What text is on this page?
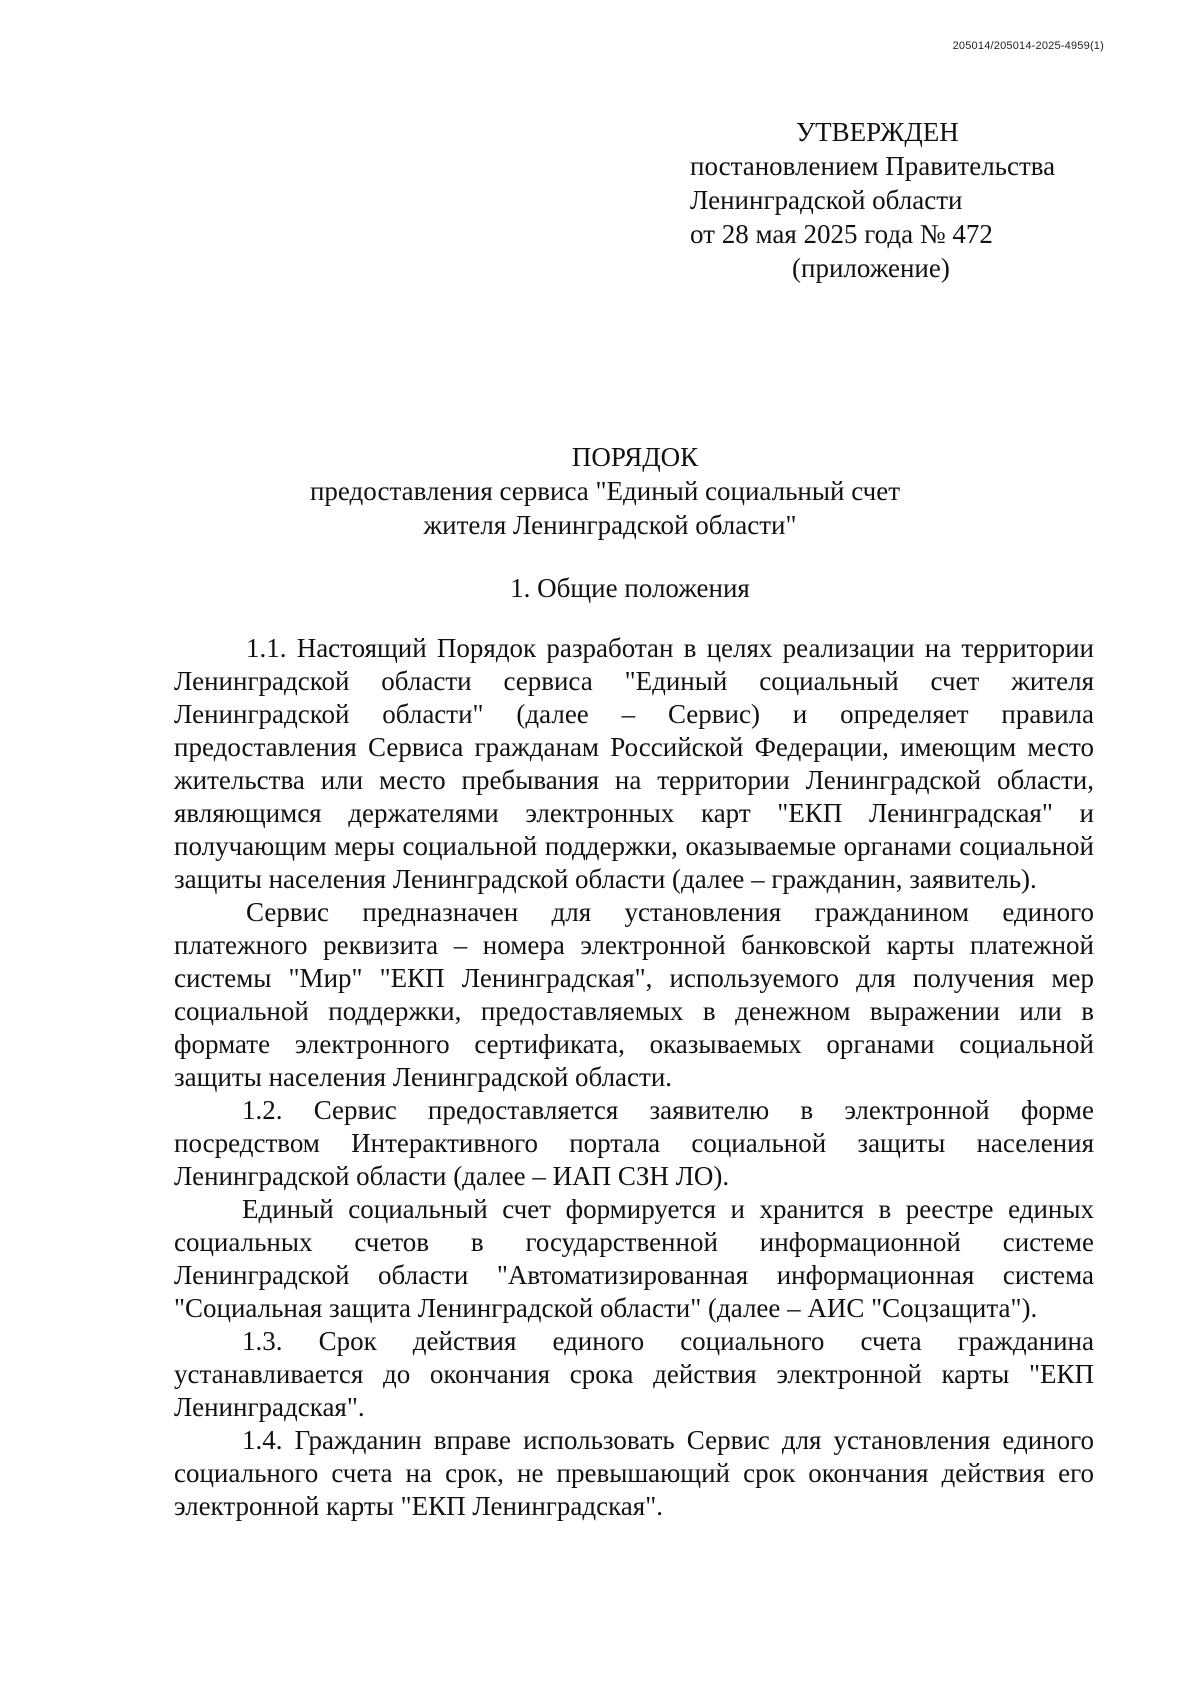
205014/205014-2025-4959(1)
УТВЕРЖДЕН
постановлением Правительства
Ленинградской области
от 28 мая 2025 года № 472
(приложение)
ПОРЯДОК
предоставления сервиса "Единый социальный счет
жителя Ленинградской области"
1. Общие положения

1.1. Настоящий Порядок разработан в целях реализации на территории Ленинградской области сервиса "Единый социальный счет жителя Ленинградской области" (далее – Сервис) и определяет правила предоставления Сервиса гражданам Российской Федерации, имеющим место жительства или место пребывания на территории Ленинградской области, являющимся держателями электронных карт "ЕКП Ленинградская" и получающим меры социальной поддержки, оказываемые органами социальной защиты населения Ленинградской области (далее – гражданин, заявитель).

Сервис предназначен для установления гражданином единого платежного реквизита – номера электронной банковской карты платежной системы "Мир" "ЕКП Ленинградская", используемого для получения мер социальной поддержки, предоставляемых в денежном выражении или в формате электронного сертификата, оказываемых органами социальной защиты населения Ленинградской области.

1.2. Сервис предоставляется заявителю в электронной форме посредством Интерактивного портала социальной защиты населения Ленинградской области (далее – ИАП СЗН ЛО).

Единый социальный счет формируется и хранится в реестре единых социальных счетов в государственной информационной системе Ленинградской области "Автоматизированная информационная система "Социальная защита Ленинградской области" (далее – АИС "Соцзащита").

1.3. Срок действия единого социального счета гражданина устанавливается до окончания срока действия электронной карты "ЕКП Ленинградская".

1.4. Гражданин вправе использовать Сервис для установления единого социального счета на срок, не превышающий срок окончания действия его электронной карты "ЕКП Ленинградская".
